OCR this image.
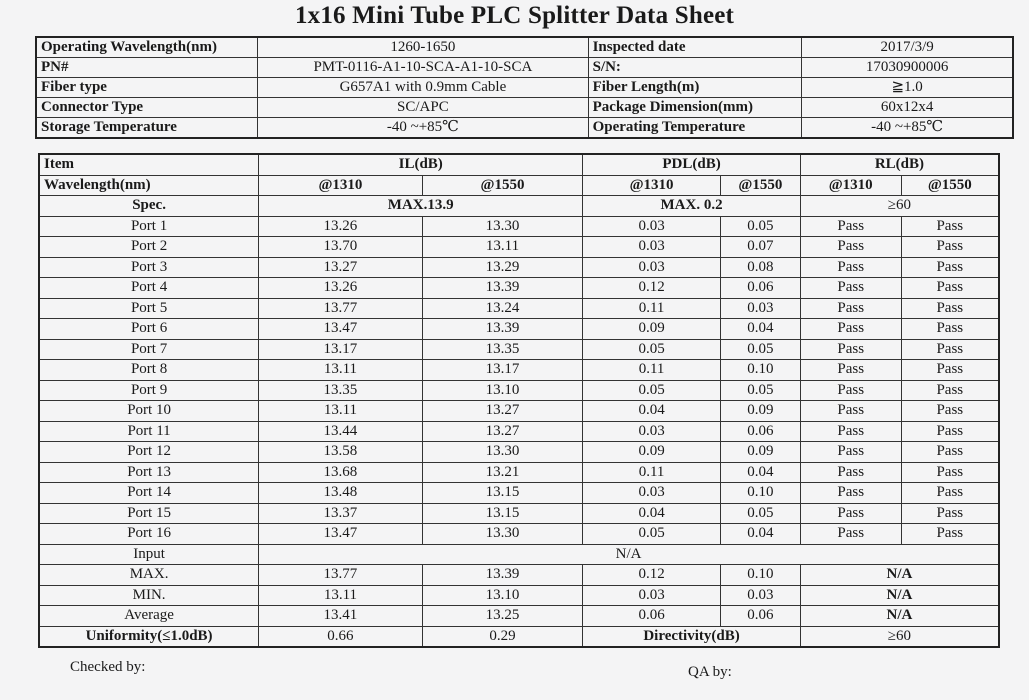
1x16 Mini Tube PLC Splitter Data Sheet
Operating Wavelength(nm)	1260-1650	Inspected date	2017/3/9
PN#	PMT-0116-A1-10-SCA-A1-10-SCA	S/N:	17030900006
Fiber type	G657A1 with 0.9mm Cable	Fiber Length(m)	≧1.0
Connector Type	SC/APC	Package Dimension(mm)	60x12x4
Storage Temperature	-40 ~+85℃	Operating Temperature	-40 ~+85℃
Item	IL(dB)		PDL(dB)		RL(dB)	
Wavelength(nm)	@1310	@1550	@1310	@1550	@1310	@1550
Spec.	MAX.13.9		MAX. 0.2		≥60	
Port 1	13.26	13.30	0.03	0.05	Pass	Pass
Port 2	13.70	13.11	0.03	0.07	Pass	Pass
Port 3	13.27	13.29	0.03	0.08	Pass	Pass
Port 4	13.26	13.39	0.12	0.06	Pass	Pass
Port 5	13.77	13.24	0.11	0.03	Pass	Pass
Port 6	13.47	13.39	0.09	0.04	Pass	Pass
Port 7	13.17	13.35	0.05	0.05	Pass	Pass
Port 8	13.11	13.17	0.11	0.10	Pass	Pass
Port 9	13.35	13.10	0.05	0.05	Pass	Pass
Port 10	13.11	13.27	0.04	0.09	Pass	Pass
Port 11	13.44	13.27	0.03	0.06	Pass	Pass
Port 12	13.58	13.30	0.09	0.09	Pass	Pass
Port 13	13.68	13.21	0.11	0.04	Pass	Pass
Port 14	13.48	13.15	0.03	0.10	Pass	Pass
Port 15	13.37	13.15	0.04	0.05	Pass	Pass
Port 16	13.47	13.30	0.05	0.04	Pass	Pass
Input	N/A					
MAX.	13.77	13.39	0.12	0.10	N/A	
MIN.	13.11	13.10	0.03	0.03	N/A	
Average	13.41	13.25	0.06	0.06	N/A	
Uniformity(≤1.0dB)	0.66	0.29	Directivity(dB)		≥60	
Checked by:	QA by:
